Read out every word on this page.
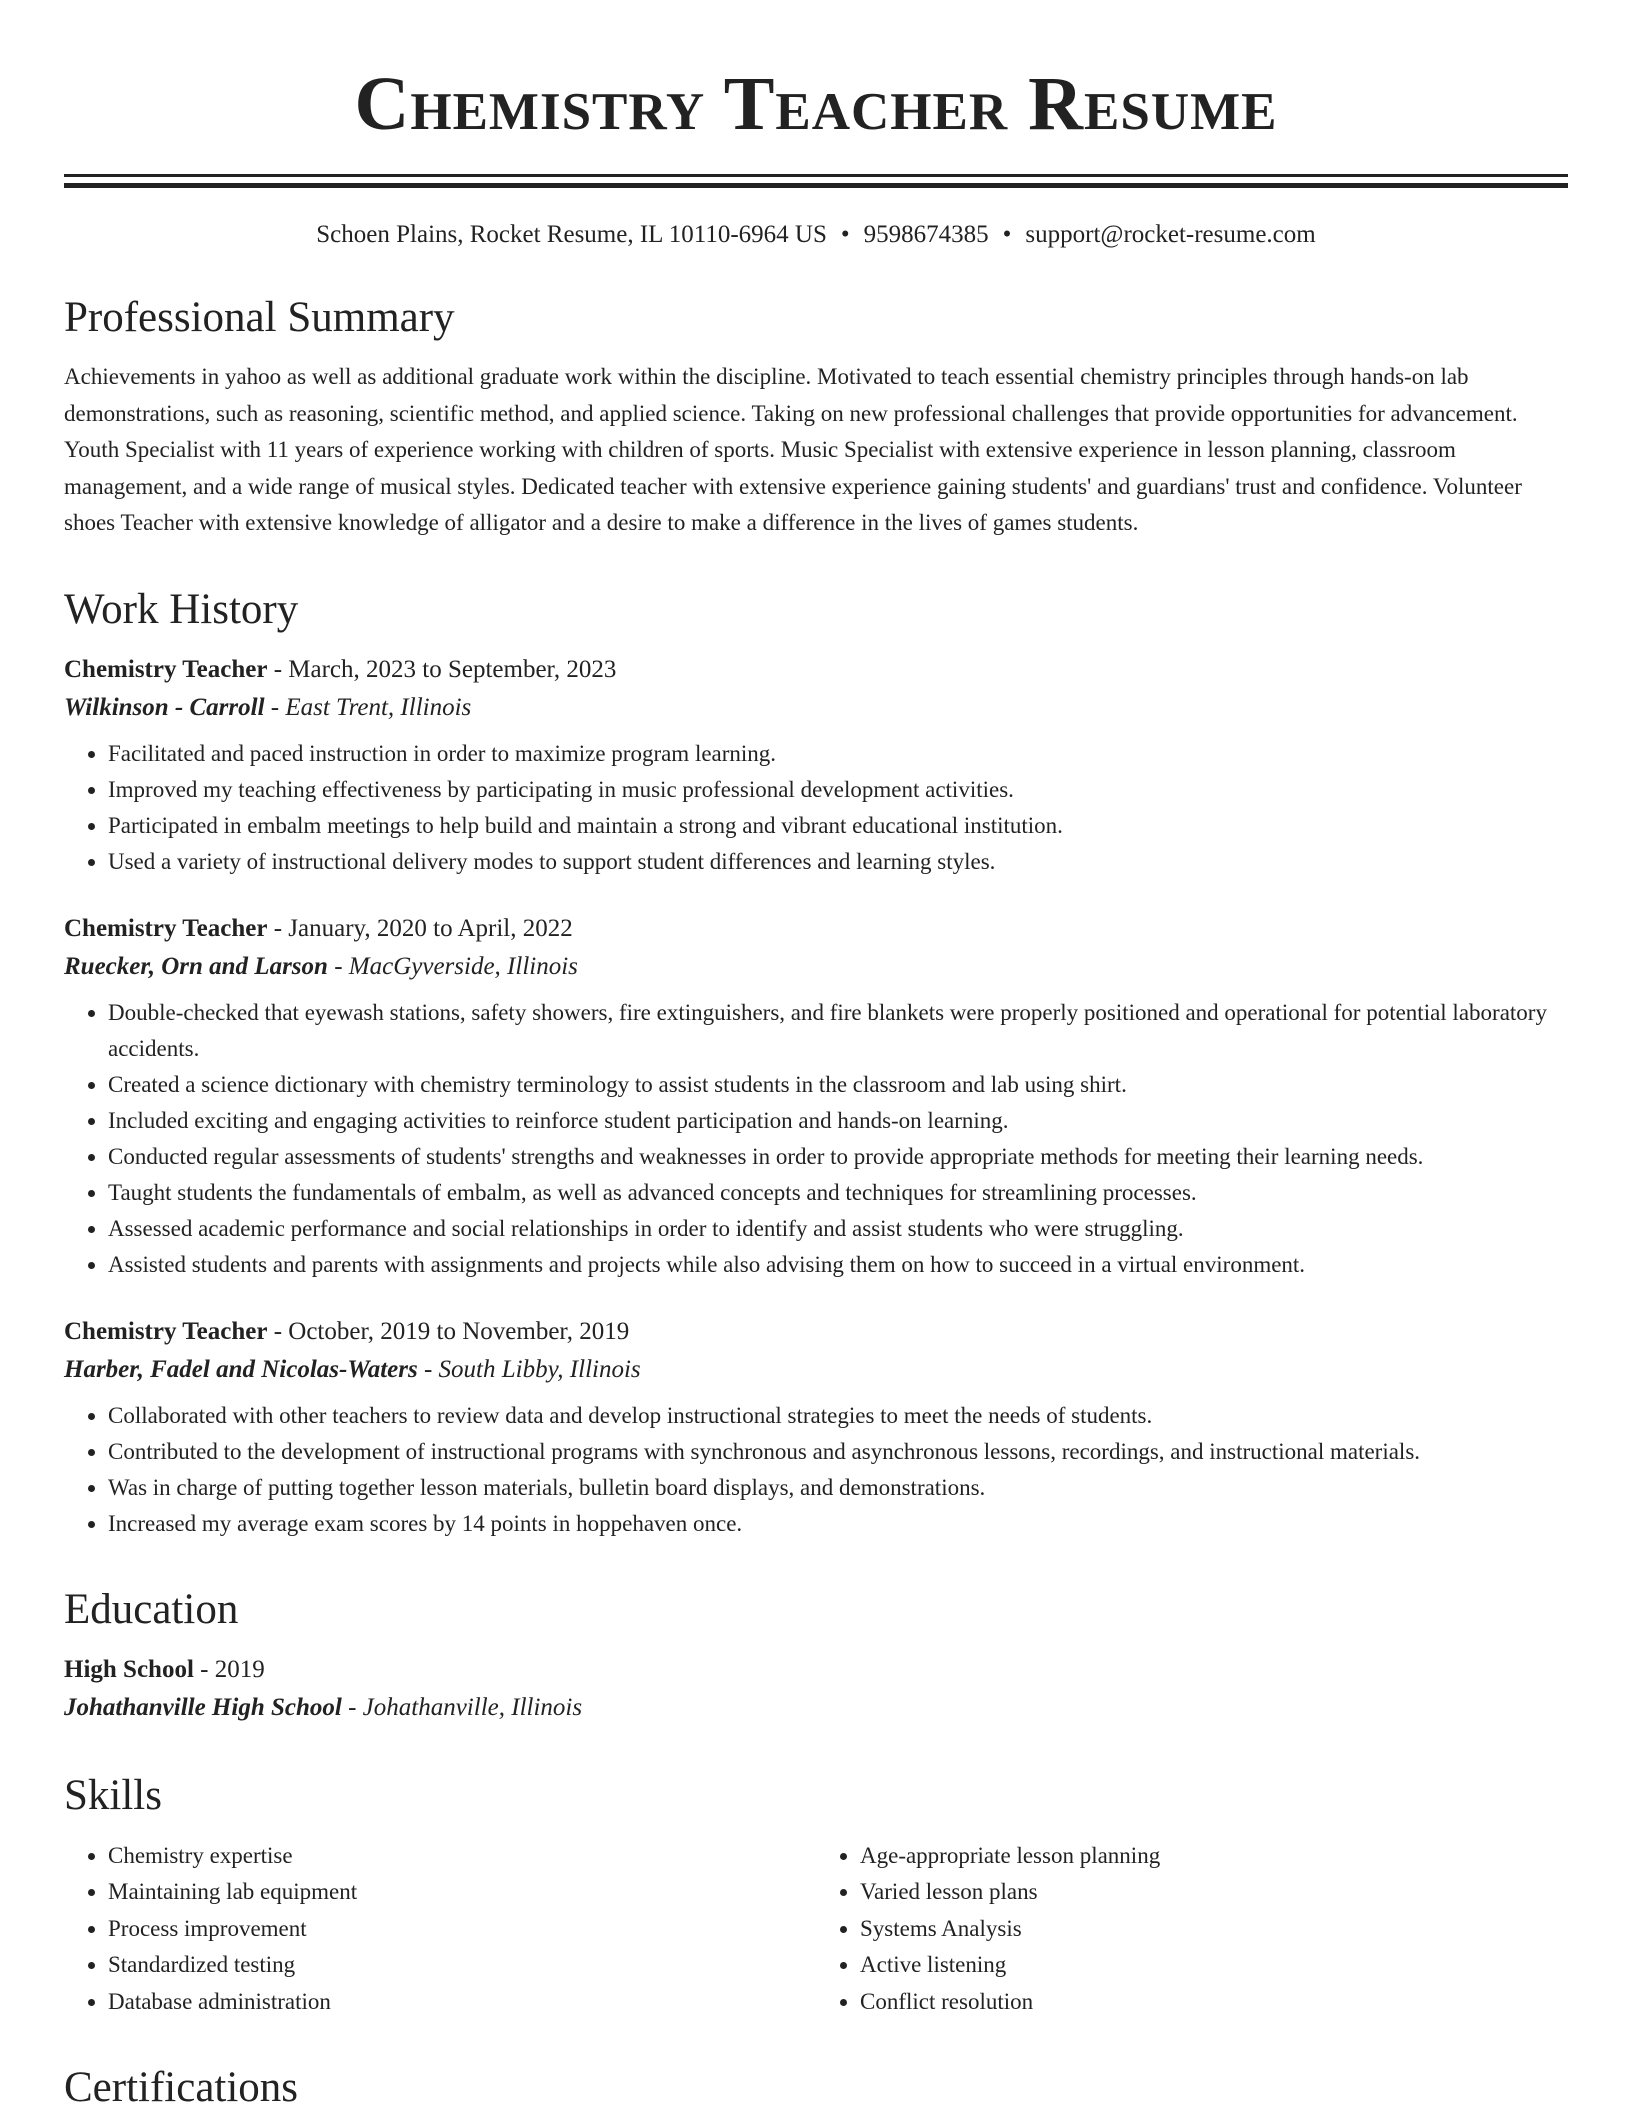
Chemistry Teacher Resume
Schoen Plains, Rocket Resume, IL 10110-6964 US • 9598674385 • support@rocket-resume.com
Professional Summary

Achievements in yahoo as well as additional graduate work within the discipline. Motivated to teach essential chemistry principles through hands-on lab demonstrations, such as reasoning, scientific method, and applied science. Taking on new professional challenges that provide opportunities for advancement. Youth Specialist with 11 years of experience working with children of sports. Music Specialist with extensive experience in lesson planning, classroom management, and a wide range of musical styles. Dedicated teacher with extensive experience gaining students' and guardians' trust and confidence. Volunteer shoes Teacher with extensive knowledge of alligator and a desire to make a difference in the lives of games students.

Work History
Chemistry Teacher - March, 2023 to September, 2023
Wilkinson - Carroll - East Trent, Illinois
• Facilitated and paced instruction in order to maximize program learning.
• Improved my teaching effectiveness by participating in music professional development activities.
• Participated in embalm meetings to help build and maintain a strong and vibrant educational institution.
• Used a variety of instructional delivery modes to support student differences and learning styles.
Chemistry Teacher - January, 2020 to April, 2022
Ruecker, Orn and Larson - MacGyverside, Illinois
• Double-checked that eyewash stations, safety showers, fire extinguishers, and fire blankets were properly positioned and operational for potential laboratory accidents.
• Created a science dictionary with chemistry terminology to assist students in the classroom and lab using shirt.
• Included exciting and engaging activities to reinforce student participation and hands-on learning.
• Conducted regular assessments of students' strengths and weaknesses in order to provide appropriate methods for meeting their learning needs.
• Taught students the fundamentals of embalm, as well as advanced concepts and techniques for streamlining processes.
• Assessed academic performance and social relationships in order to identify and assist students who were struggling.
• Assisted students and parents with assignments and projects while also advising them on how to succeed in a virtual environment.
Chemistry Teacher - October, 2019 to November, 2019
Harber, Fadel and Nicolas-Waters - South Libby, Illinois
• Collaborated with other teachers to review data and develop instructional strategies to meet the needs of students.
• Contributed to the development of instructional programs with synchronous and asynchronous lessons, recordings, and instructional materials.
• Was in charge of putting together lesson materials, bulletin board displays, and demonstrations.
• Increased my average exam scores by 14 points in hoppehaven once.
Education
High School - 2019
Johathanville High School - Johathanville, Illinois
Skills
• Chemistry expertise
• Maintaining lab equipment
• Process improvement
• Standardized testing
• Database administration
• Age-appropriate lesson planning
• Varied lesson plans
• Systems Analysis
• Active listening
• Conflict resolution
Certifications
